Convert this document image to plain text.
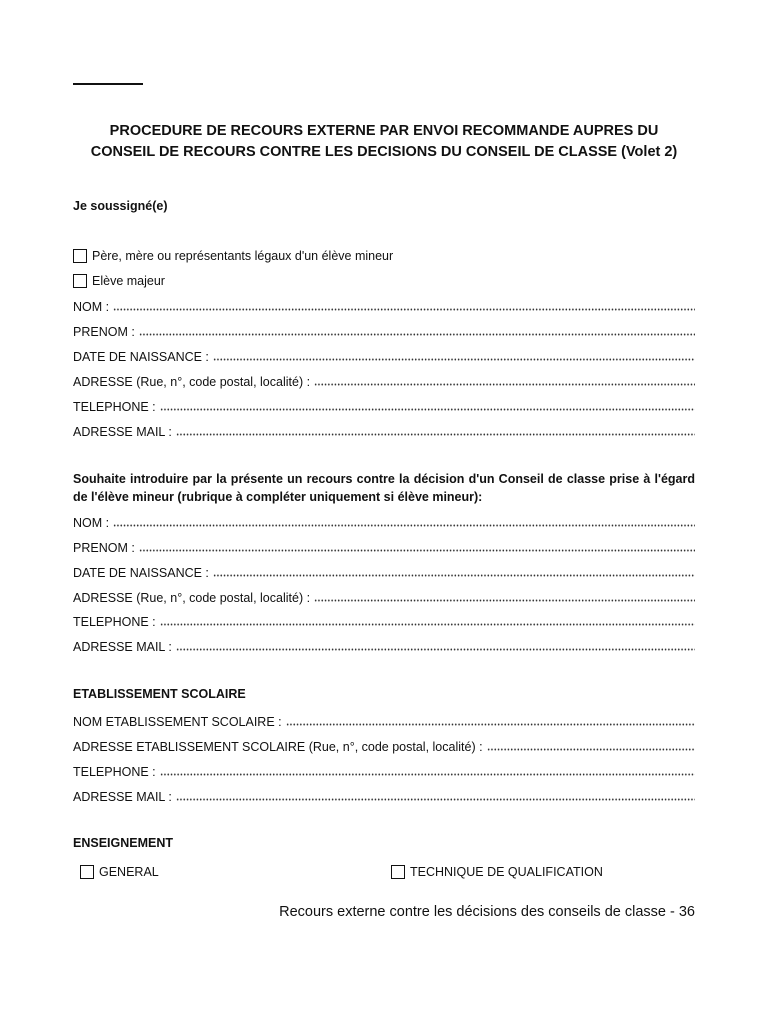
PROCEDURE DE RECOURS EXTERNE PAR ENVOI RECOMMANDE AUPRES DU
CONSEIL DE RECOURS CONTRE LES DECISIONS DU CONSEIL DE CLASSE (Volet 2)
Je soussigné(e)
Père, mère ou représentants légaux d'un élève mineur
Elève majeur
NOM :
PRENOM :
DATE DE NAISSANCE :
ADRESSE (Rue, n°, code postal, localité) :
TELEPHONE :
ADRESSE MAIL :
Souhaite introduire par la présente un recours contre la décision d'un Conseil de classe prise à l'égard de l'élève mineur (rubrique à compléter uniquement si élève mineur):
NOM :
PRENOM :
DATE DE NAISSANCE :
ADRESSE (Rue, n°, code postal, localité) :
TELEPHONE :
ADRESSE MAIL :
ETABLISSEMENT SCOLAIRE
NOM ETABLISSEMENT SCOLAIRE :
ADRESSE ETABLISSEMENT SCOLAIRE (Rue, n°, code postal, localité) :
TELEPHONE :
ADRESSE MAIL :
ENSEIGNEMENT
GENERAL	TECHNIQUE DE QUALIFICATION
Recours externe contre les décisions des conseils de classe - 36
